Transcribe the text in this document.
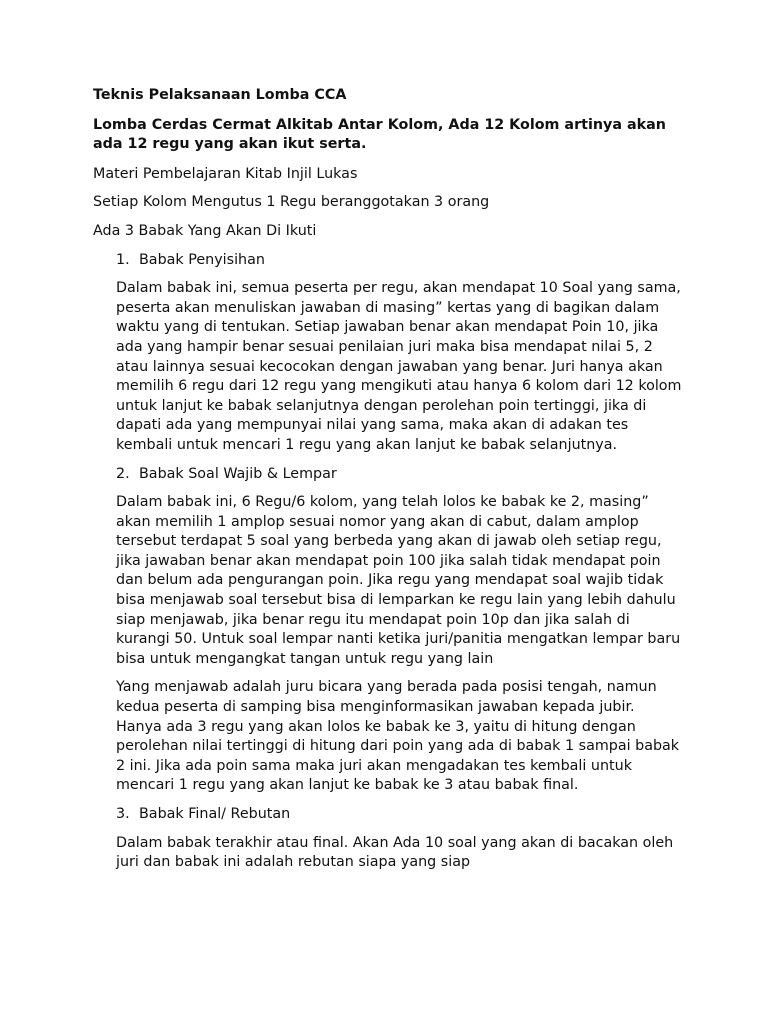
Teknis Pelaksanaan Lomba CCA

Lomba Cerdas Cermat Alkitab Antar Kolom, Ada 12 Kolom artinya akan ada 12 regu yang akan ikut serta.

Materi Pembelajaran Kitab Injil Lukas

Setiap Kolom Mengutus 1 Regu beranggotakan 3 orang

Ada 3 Babak Yang Akan Di Ikuti

1. Babak Penyisihan

Dalam babak ini, semua peserta per regu, akan mendapat 10 Soal yang sama, peserta akan menuliskan jawaban di masing” kertas yang di bagikan dalam waktu yang di tentukan. Setiap jawaban benar akan mendapat Poin 10, jika ada yang hampir benar sesuai penilaian juri maka bisa mendapat nilai 5, 2 atau lainnya sesuai kecocokan dengan jawaban yang benar. Juri hanya akan memilih 6 regu dari 12 regu yang mengikuti atau hanya 6 kolom dari 12 kolom untuk lanjut ke babak selanjutnya dengan perolehan poin tertinggi, jika di dapati ada yang mempunyai nilai yang sama, maka akan di adakan tes kembali untuk mencari 1 regu yang akan lanjut ke babak selanjutnya.

2. Babak Soal Wajib & Lempar

Dalam babak ini, 6 Regu/6 kolom, yang telah lolos ke babak ke 2, masing” akan memilih 1 amplop sesuai nomor yang akan di cabut, dalam amplop tersebut terdapat 5 soal yang berbeda yang akan di jawab oleh setiap regu, jika jawaban benar akan mendapat poin 100 jika salah tidak mendapat poin dan belum ada pengurangan poin. Jika regu yang mendapat soal wajib tidak bisa menjawab soal tersebut bisa di lemparkan ke regu lain yang lebih dahulu siap menjawab, jika benar regu itu mendapat poin 10p dan jika salah di kurangi 50. Untuk soal lempar nanti ketika juri/panitia mengatkan lempar baru bisa untuk mengangkat tangan untuk regu yang lain

Yang menjawab adalah juru bicara yang berada pada posisi tengah, namun kedua peserta di samping bisa menginformasikan jawaban kepada jubir. Hanya ada 3 regu yang akan lolos ke babak ke 3, yaitu di hitung dengan perolehan nilai tertinggi di hitung dari poin yang ada di babak 1 sampai babak 2 ini. Jika ada poin sama maka juri akan mengadakan tes kembali untuk mencari 1 regu yang akan lanjut ke babak ke 3 atau babak final.

3. Babak Final/ Rebutan

Dalam babak terakhir atau final. Akan Ada 10 soal yang akan di bacakan oleh juri dan babak ini adalah rebutan siapa yang siap
